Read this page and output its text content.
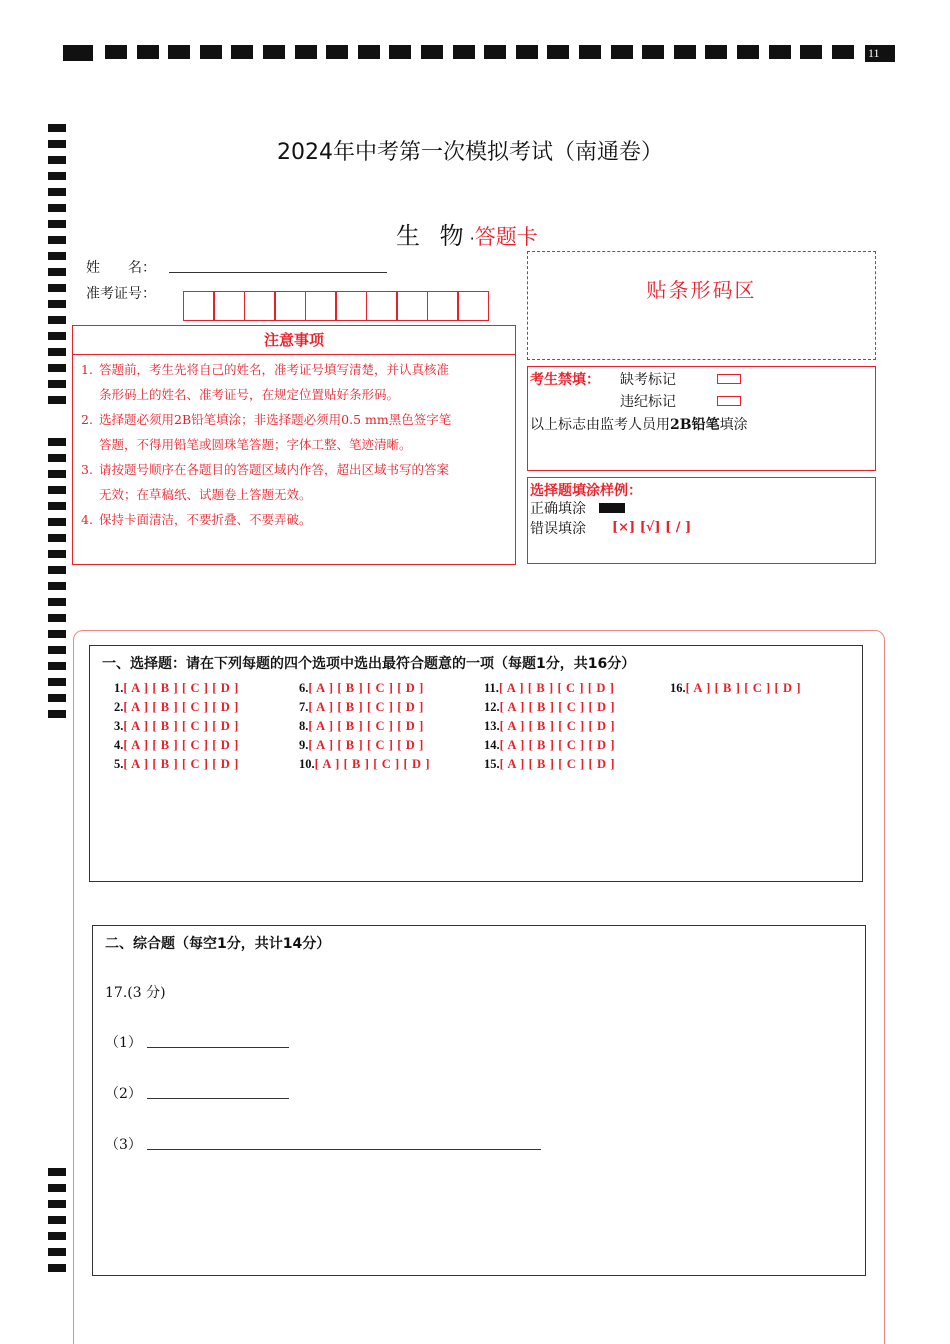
11
2024年中考第一次模拟考试（南通卷）
生 物·答题卡
姓　　名：
准考证号：
注意事项
1. 答题前，考生先将自己的姓名，准考证号填写清楚，并认真核准
条形码上的姓名、准考证号，在规定位置贴好条形码。
2. 选择题必须用2B铅笔填涂；非选择题必须用0.5 mm黑色签字笔
答题，不得用铅笔或圆珠笔答题；字体工整、笔迹清晰。
3. 请按题号顺序在各题目的答题区域内作答，超出区域书写的答案
无效；在草稿纸、试题卷上答题无效。
4. 保持卡面清洁，不要折叠、不要弄破。
贴条形码区
考生禁填： 缺考标记
违纪标记
以上标志由监考人员用2B铅笔填涂
选择题填涂样例：
正确填涂
错误填涂 [×] [√] [ / ]
一、选择题：请在下列每题的四个选项中选出最符合题意的一项（每题1分，共16分）
1.[ A ] [ B ] [ C ] [ D ]
2.[ A ] [ B ] [ C ] [ D ]
3.[ A ] [ B ] [ C ] [ D ]
4.[ A ] [ B ] [ C ] [ D ]
5.[ A ] [ B ] [ C ] [ D ]
6.[ A ] [ B ] [ C ] [ D ]
7.[ A ] [ B ] [ C ] [ D ]
8.[ A ] [ B ] [ C ] [ D ]
9.[ A ] [ B ] [ C ] [ D ]
10.[ A ] [ B ] [ C ] [ D ]
11.[ A ] [ B ] [ C ] [ D ]
12.[ A ] [ B ] [ C ] [ D ]
13.[ A ] [ B ] [ C ] [ D ]
14.[ A ] [ B ] [ C ] [ D ]
15.[ A ] [ B ] [ C ] [ D ]
16.[ A ] [ B ] [ C ] [ D ]
二、综合题（每空1分，共计14分）
17.(3 分)
（1）
（2）
（3）
